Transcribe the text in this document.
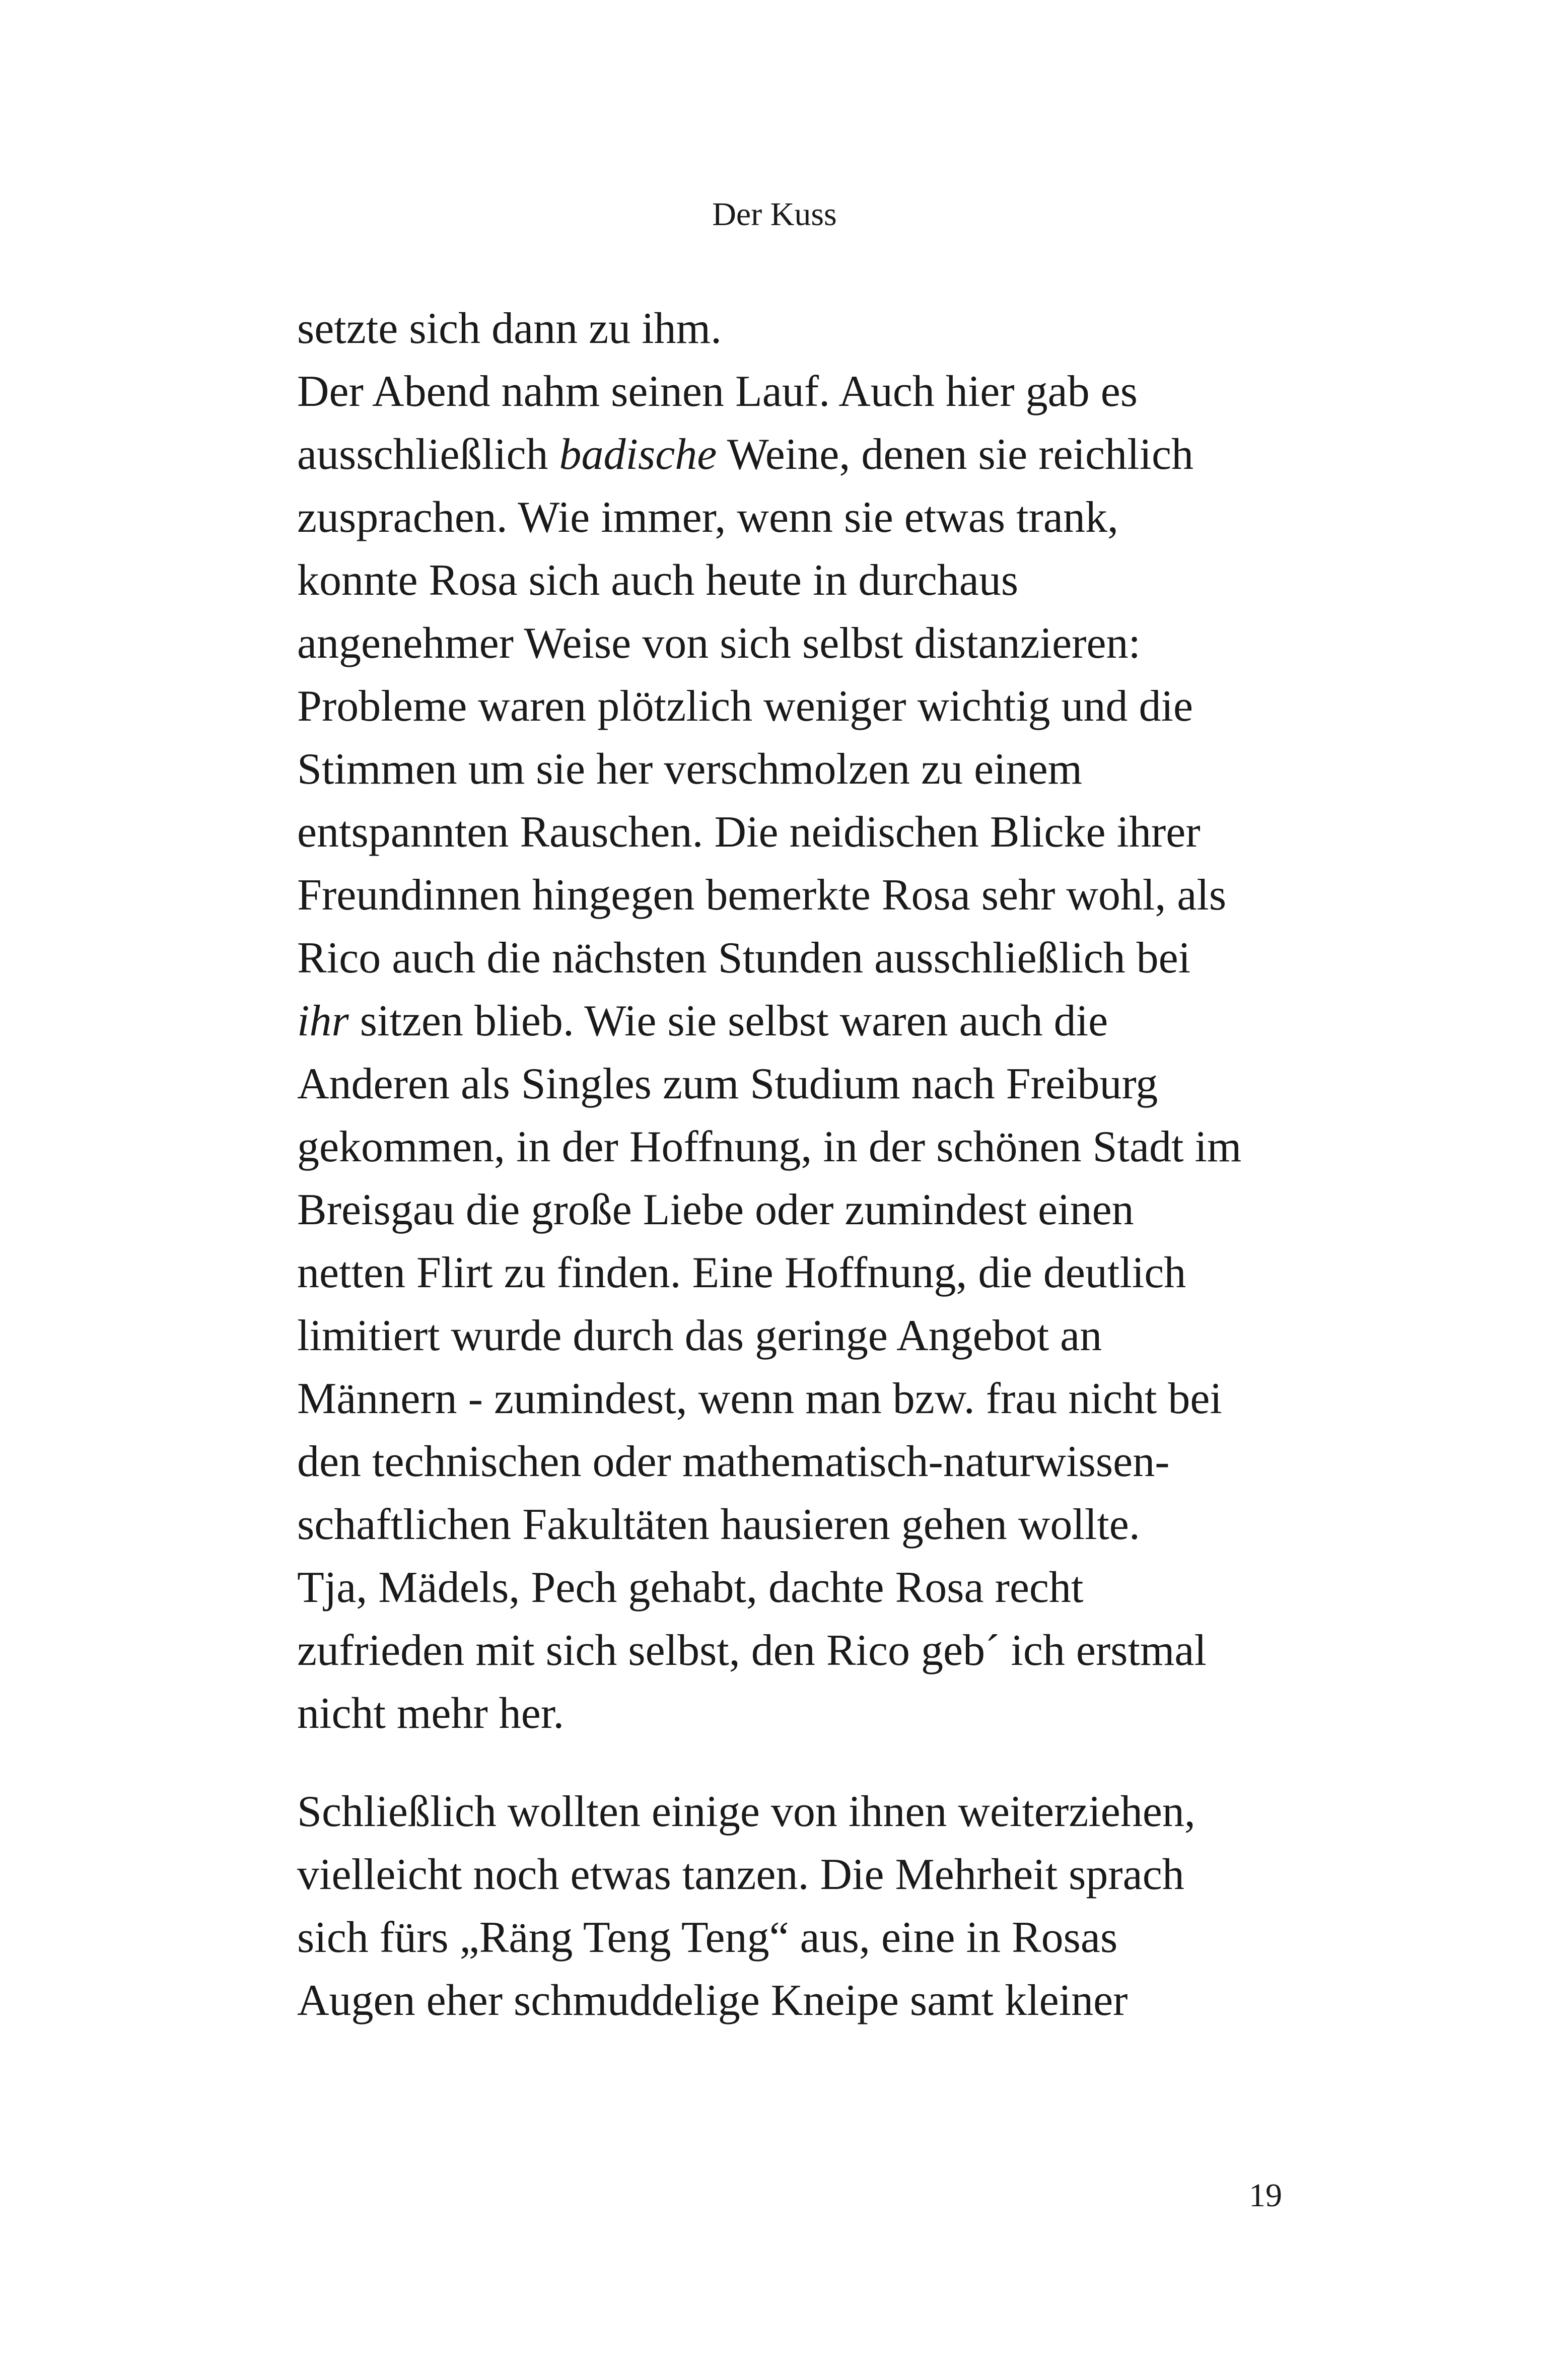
Der Kuss
setzte sich dann zu ihm.
Der Abend nahm seinen Lauf. Auch hier gab es
ausschließlich badische Weine, denen sie reichlich
zusprachen. Wie immer, wenn sie etwas trank,
konnte Rosa sich auch heute in durchaus
angenehmer Weise von sich selbst distanzieren:
Probleme waren plötzlich weniger wichtig und die
Stimmen um sie her verschmolzen zu einem
entspannten Rauschen. Die neidischen Blicke ihrer
Freundinnen hingegen bemerkte Rosa sehr wohl, als
Rico auch die nächsten Stunden ausschließlich bei
ihr sitzen blieb. Wie sie selbst waren auch die
Anderen als Singles zum Studium nach Freiburg
gekommen, in der Hoffnung, in der schönen Stadt im
Breisgau die große Liebe oder zumindest einen
netten Flirt zu finden. Eine Hoffnung, die deutlich
limitiert wurde durch das geringe Angebot an
Männern - zumindest, wenn man bzw. frau nicht bei
den technischen oder mathematisch-naturwissen-
schaftlichen Fakultäten hausieren gehen wollte.
Tja, Mädels, Pech gehabt, dachte Rosa recht
zufrieden mit sich selbst, den Rico geb´ ich erstmal
nicht mehr her.
Schließlich wollten einige von ihnen weiterziehen,
vielleicht noch etwas tanzen. Die Mehrheit sprach
sich fürs „Räng Teng Teng“ aus, eine in Rosas
Augen eher schmuddelige Kneipe samt kleiner
19
